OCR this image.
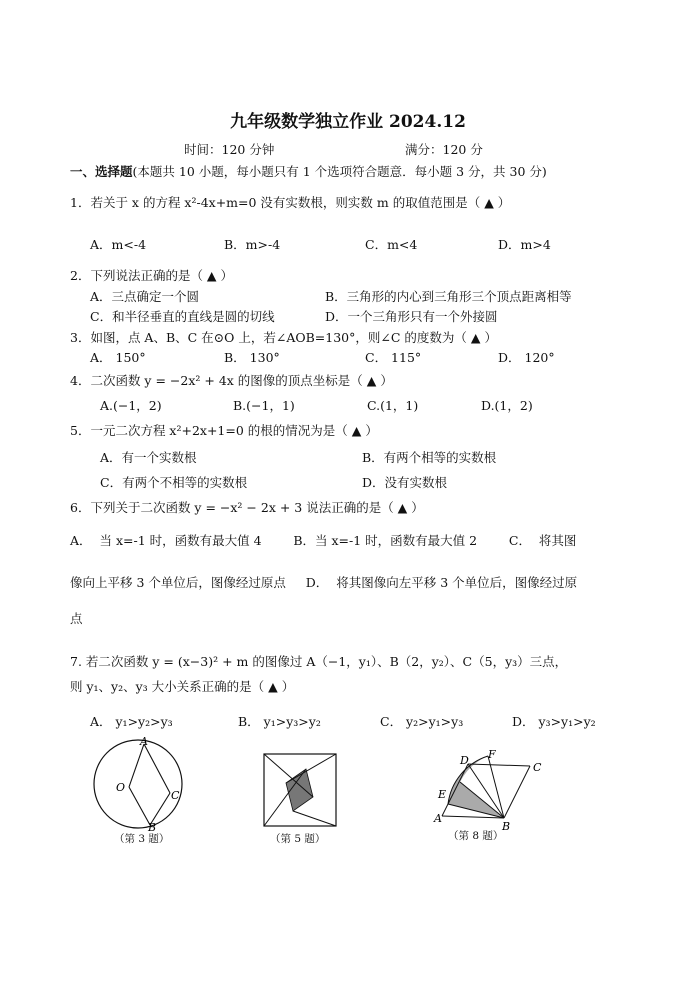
九年级数学独立作业 2024.12
时间：120 分钟	满分：120 分
一、选择题(本题共 10 小题，每小题只有 1 个选项符合题意．每小题 3 分，共 30 分)
1．若关于 x 的方程 x²-4x+m=0 没有实数根，则实数 m 的取值范围是（ ▲ ）
A．m<-4	B．m>-4	C．m<4	D．m>4
2．下列说法正确的是（ ▲ ）
A．三点确定一个圆	B．三角形的内心到三角形三个顶点距离相等
C．和半径垂直的直线是圆的切线	D．一个三角形只有一个外接圆
3．如图，点 A、B、C 在⊙O 上，若∠AOB=130°，则∠C 的度数为（ ▲ ）
A． 150°	B． 130°	C． 115°	D． 120°
4．二次函数 y = −2x² + 4x 的图像的顶点坐标是（ ▲ ）
A.(−1，2)	B.(−1，1)	C.(1，1)	D.(1，2)
5．一元二次方程 x²+2x+1=0 的根的情况为是（ ▲ ）
A．有一个实数根	B．有两个相等的实数根
C．有两个不相等的实数根	D．没有实数根
6．下列关于二次函数 y = −x² − 2x + 3 说法正确的是（ ▲ ）
A．  当 x=-1 时，函数有最大值 4        B．当 x=-1 时，函数有最大值 2        C．  将其图
像向上平移 3 个单位后，图像经过原点     D．  将其图像向左平移 3 个单位后，图像经过原
点
7. 若二次函数 y = (x−3)² + m 的图像过 A（−1，y₁）、B（2，y₂）、C（5，y₃）三点，
则 y₁、y₂、y₃ 大小关系正确的是（ ▲ ）
A． y₁>y₂>y₃	B． y₁>y₃>y₂	C． y₂>y₁>y₃	D． y₃>y₁>y₂
A
O
C
B
（第 3 题）	（第 5 题）
D F
C
E
A
B
（第 8 题）
